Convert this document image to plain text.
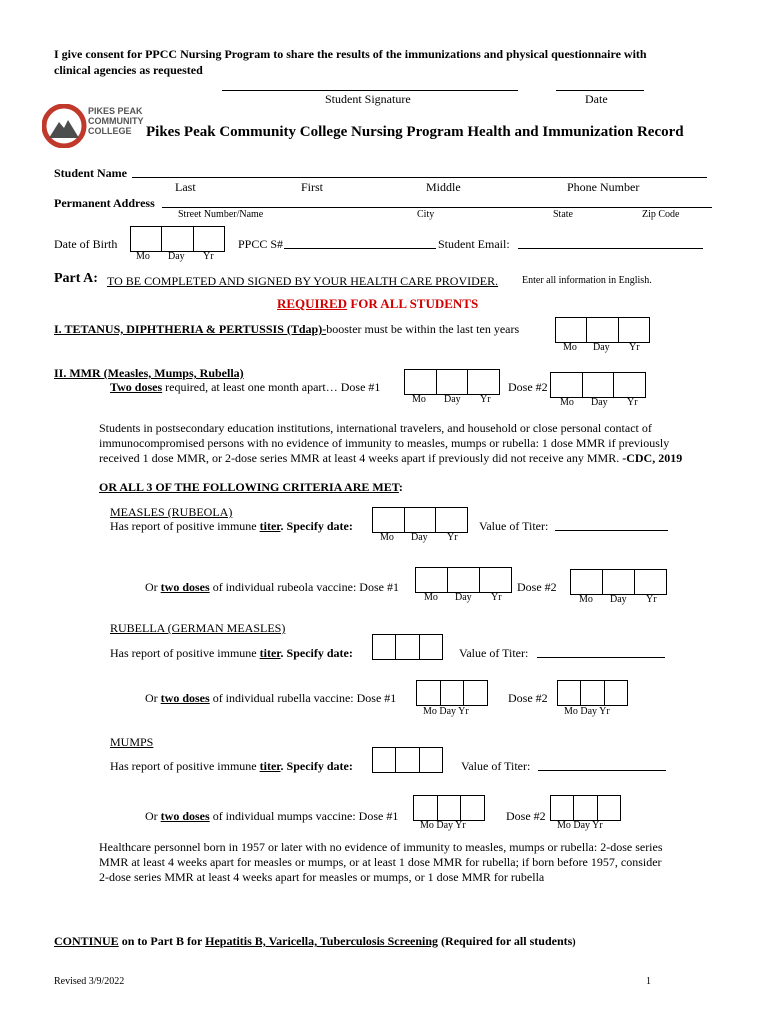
I give consent for PPCC Nursing Program to share the results of the immunizations and physical questionnaire with
clinical agencies as requested
Student Signature	Date
PIKES PEAK
COMMUNITY
COLLEGE Pikes Peak Community College Nursing Program Health and Immunization Record
Student Name
Last	First	Middle	Phone Number
Permanent Address
Street Number/Name	City	State	Zip Code
Date of Birth
Mo Day Yr
PPCC S#	Student Email:
Part A: TO BE COMPLETED AND SIGNED BY YOUR HEALTH CARE PROVIDER. Enter all information in English.
REQUIRED FOR ALL STUDENTS
I. TETANUS, DIPHTHERIA & PERTUSSIS (Tdap)-booster must be within the last ten years
Mo Day Yr
II. MMR (Measles, Mumps, Rubella)
Two doses required, at least one month apart… Dose #1
Mo Day Yr
Dose #2
Mo Day Yr
Students in postsecondary education institutions, international travelers, and household or close personal contact of
immunocompromised persons with no evidence of immunity to measles, mumps or rubella: 1 dose MMR if previously
received 1 dose MMR, or 2-dose series MMR at least 4 weeks apart if previously did not receive any MMR. -CDC, 2019
OR ALL 3 OF THE FOLLOWING CRITERIA ARE MET:
MEASLES (RUBEOLA)
Has report of positive immune titer. Specify date:
Mo Day Yr
Value of Titer:
Or two doses of individual rubeola vaccine: Dose #1
Mo Day Yr
Dose #2
Mo Day Yr
RUBELLA (GERMAN MEASLES)
Has report of positive immune titer. Specify date:	Value of Titer:
Or two doses of individual rubella vaccine: Dose #1
Mo Day Yr
Dose #2
Mo Day Yr
MUMPS
Has report of positive immune titer. Specify date:	Value of Titer:
Or two doses of individual mumps vaccine: Dose #1
Mo Day Yr
Dose #2
Mo Day Yr
Healthcare personnel born in 1957 or later with no evidence of immunity to measles, mumps or rubella: 2-dose series
MMR at least 4 weeks apart for measles or mumps, or at least 1 dose MMR for rubella; if born before 1957, consider
2-dose series MMR at least 4 weeks apart for measles or mumps, or 1 dose MMR for rubella
CONTINUE on to Part B for Hepatitis B, Varicella, Tuberculosis Screening (Required for all students)
Revised 3/9/2022	1
